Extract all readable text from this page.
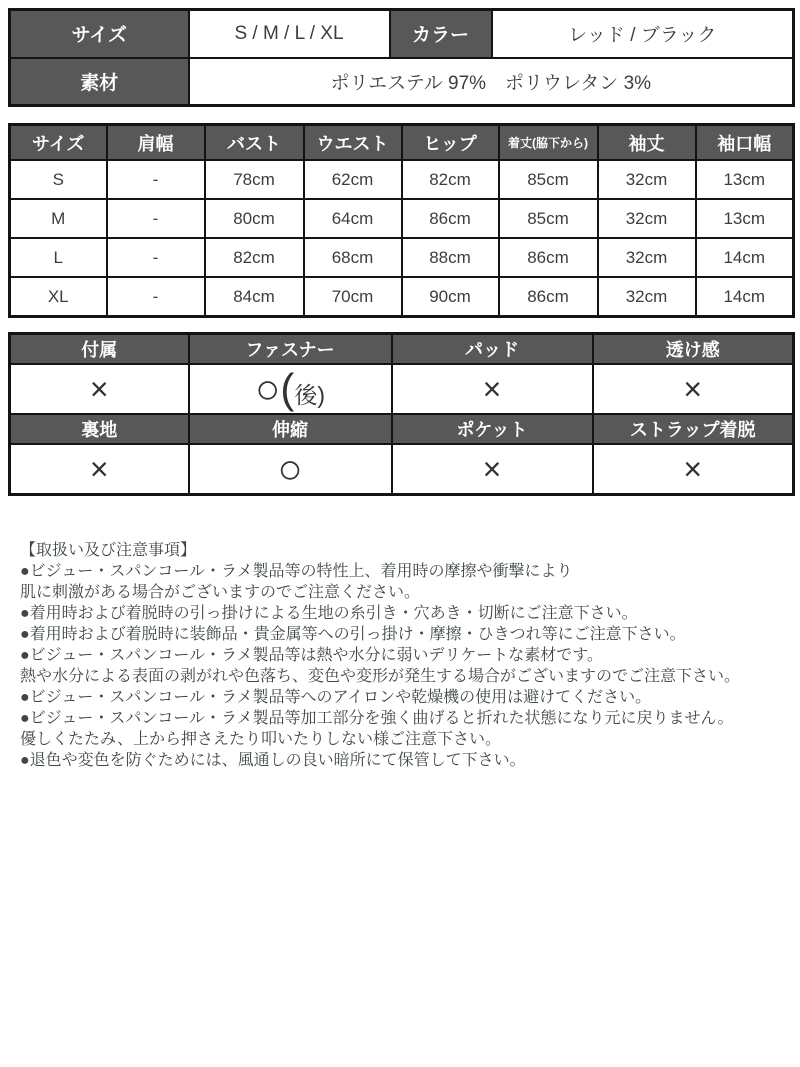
サイズ	S / M / L / XL	カラー	レッド / ブラック
素材	ポリエステル 97%　ポリウレタン 3%		
サイズ	肩幅	バスト	ウエスト	ヒップ	着丈(脇下から)	袖丈	袖口幅
S	-	78cm	62cm	82cm	85cm	32cm	13cm
M	-	80cm	64cm	86cm	85cm	32cm	13cm
L	-	82cm	68cm	88cm	86cm	32cm	14cm
XL	-	84cm	70cm	90cm	86cm	32cm	14cm
付属	ファスナー	パッド	透け感
×	○(後)	×	×
裏地	伸縮	ポケット	ストラップ着脱
×	○	×	×
【取扱い及び注意事項】
●ビジュー・スパンコール・ラメ製品等の特性上、着用時の摩擦や衝撃により
肌に刺激がある場合がございますのでご注意ください。
●着用時および着脱時の引っ掛けによる生地の糸引き・穴あき・切断にご注意下さい。
●着用時および着脱時に装飾品・貴金属等への引っ掛け・摩擦・ひきつれ等にご注意下さい。
●ビジュー・スパンコール・ラメ製品等は熱や水分に弱いデリケートな素材です。
熱や水分による表面の剥がれや色落ち、変色や変形が発生する場合がございますのでご注意下さい。
●ビジュー・スパンコール・ラメ製品等へのアイロンや乾燥機の使用は避けてください。
●ビジュー・スパンコール・ラメ製品等加工部分を強く曲げると折れた状態になり元に戻りません。
優しくたたみ、上から押さえたり叩いたりしない様ご注意下さい。
●退色や変色を防ぐためには、風通しの良い暗所にて保管して下さい。
